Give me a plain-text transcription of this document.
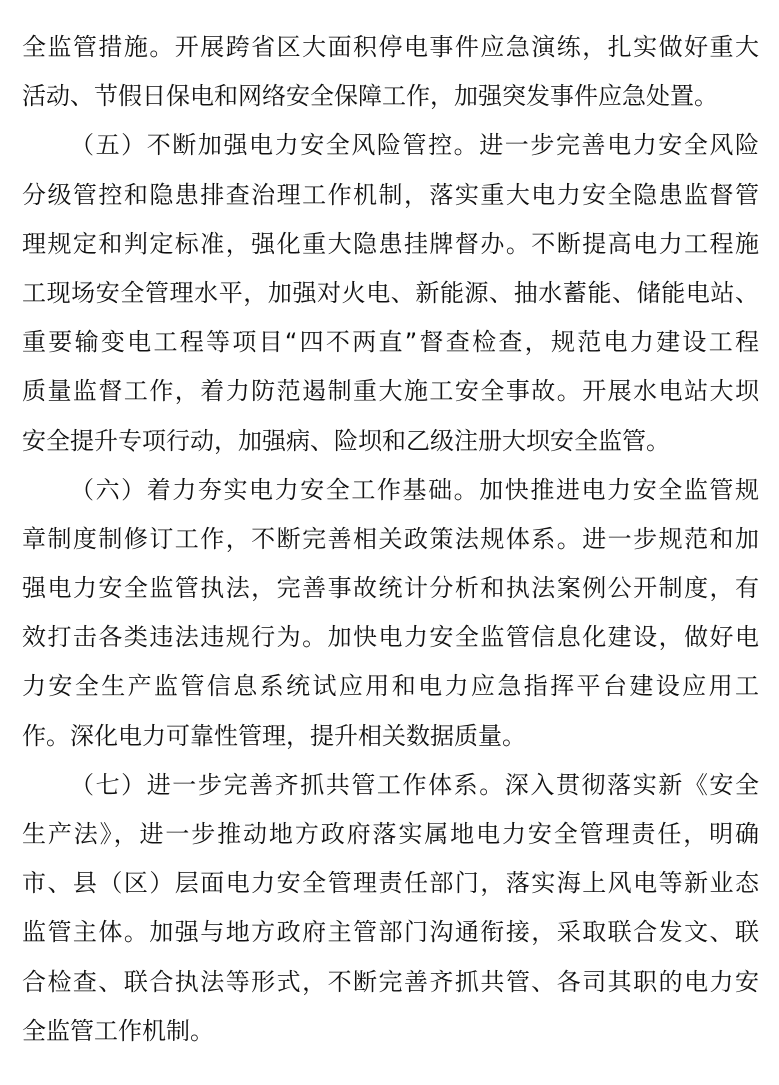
全监管措施。开展跨省区大面积停电事件应急演练，扎实做好重大
活动、节假日保电和网络安全保障工作，加强突发事件应急处置。
（五）不断加强电力安全风险管控。进一步完善电力安全风险
分级管控和隐患排查治理工作机制，落实重大电力安全隐患监督管
理规定和判定标准，强化重大隐患挂牌督办。不断提高电力工程施
工现场安全管理水平，加强对火电、新能源、抽水蓄能、储能电站、
重要输变电工程等项目“四不两直”督查检查，规范电力建设工程
质量监督工作，着力防范遏制重大施工安全事故。开展水电站大坝
安全提升专项行动，加强病、险坝和乙级注册大坝安全监管。
（六）着力夯实电力安全工作基础。加快推进电力安全监管规
章制度制修订工作，不断完善相关政策法规体系。进一步规范和加
强电力安全监管执法，完善事故统计分析和执法案例公开制度，有
效打击各类违法违规行为。加快电力安全监管信息化建设，做好电
力安全生产监管信息系统试应用和电力应急指挥平台建设应用工
作。深化电力可靠性管理，提升相关数据质量。
（七）进一步完善齐抓共管工作体系。深入贯彻落实新《安全
生产法》，进一步推动地方政府落实属地电力安全管理责任，明确
市、县（区）层面电力安全管理责任部门，落实海上风电等新业态
监管主体。加强与地方政府主管部门沟通衔接，采取联合发文、联
合检查、联合执法等形式，不断完善齐抓共管、各司其职的电力安
全监管工作机制。
